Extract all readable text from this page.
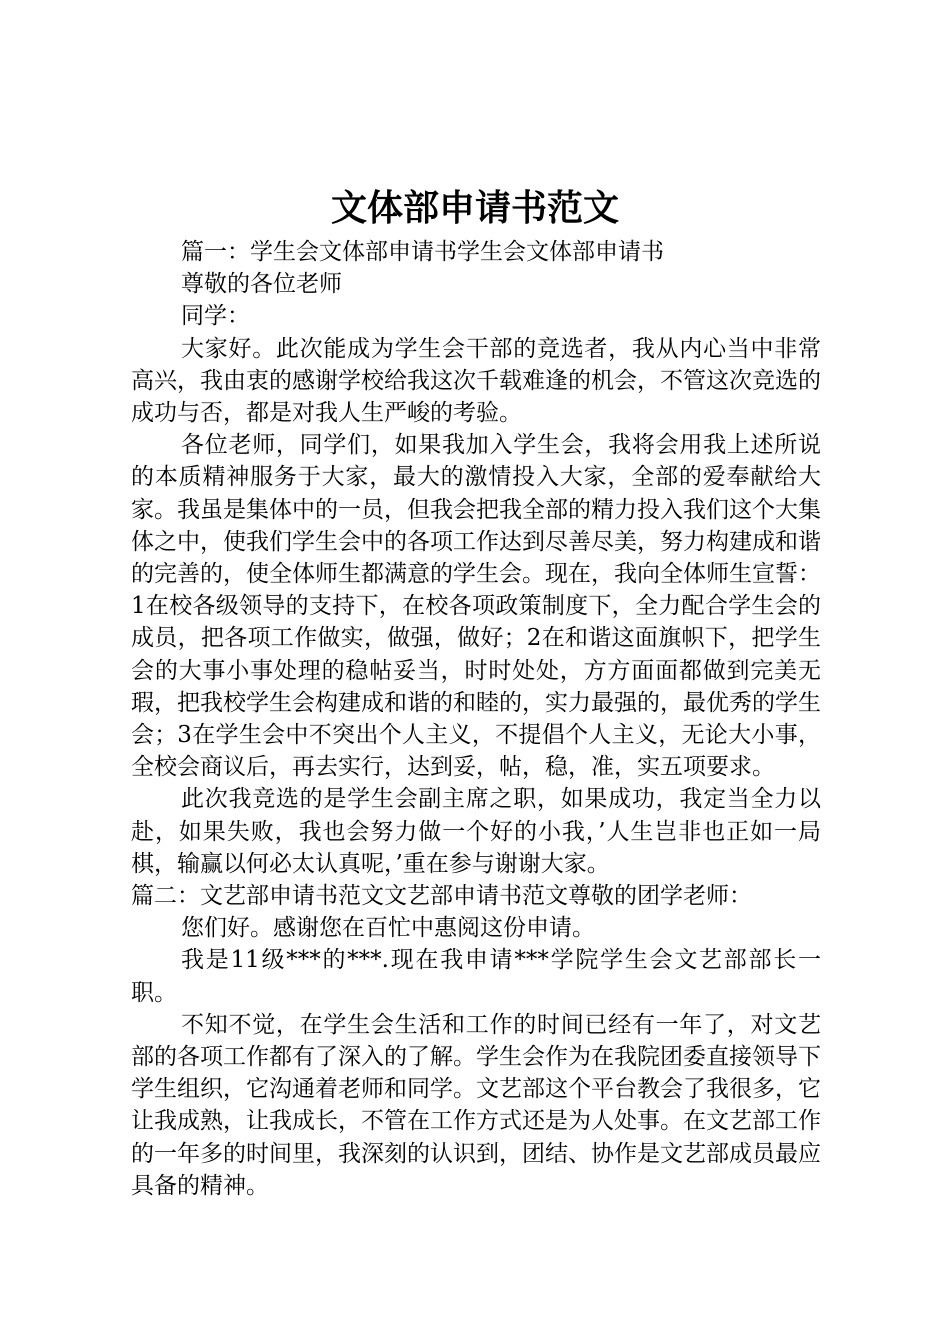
文体部申请书范文

篇一：学生会文体部申请书学生会文体部申请书

尊敬的各位老师

同学：

大家好。此次能成为学生会干部的竞选者，我从内心当中非常高兴，我由衷的感谢学校给我这次千载难逢的机会，不管这次竞选的成功与否，都是对我人生严峻的考验。

各位老师，同学们，如果我加入学生会，我将会用我上述所说的本质精神服务于大家，最大的激情投入大家，全部的爱奉献给大家。我虽是集体中的一员，但我会把我全部的精力投入我们这个大集体之中，使我们学生会中的各项工作达到尽善尽美，努力构建成和谐的完善的，使全体师生都满意的学生会。现在，我向全体师生宣誓：1在校各级领导的支持下，在校各项政策制度下，全力配合学生会的成员，把各项工作做实，做强，做好；2在和谐这面旗帜下，把学生会的大事小事处理的稳帖妥当，时时处处，方方面面都做到完美无瑕，把我校学生会构建成和谐的和睦的，实力最强的，最优秀的学生会；3在学生会中不突出个人主义，不提倡个人主义，无论大小事，全校会商议后，再去实行，达到妥，帖，稳，准，实五项要求。

此次我竞选的是学生会副主席之职，如果成功，我定当全力以赴，如果失败，我也会努力做一个好的小我，’人生岂非也正如一局棋，输赢以何必太认真呢，’重在参与谢谢大家。

篇二：文艺部申请书范文文艺部申请书范文尊敬的团学老师：

您们好。感谢您在百忙中惠阅这份申请。

我是11级***的***.现在我申请***学院学生会文艺部部长一职。

不知不觉，在学生会生活和工作的时间已经有一年了，对文艺部的各项工作都有了深入的了解。学生会作为在我院团委直接领导下学生组织，它沟通着老师和同学。文艺部这个平台教会了我很多，它让我成熟，让我成长，不管在工作方式还是为人处事。在文艺部工作的一年多的时间里，我深刻的认识到，团结、协作是文艺部成员最应具备的精神。
